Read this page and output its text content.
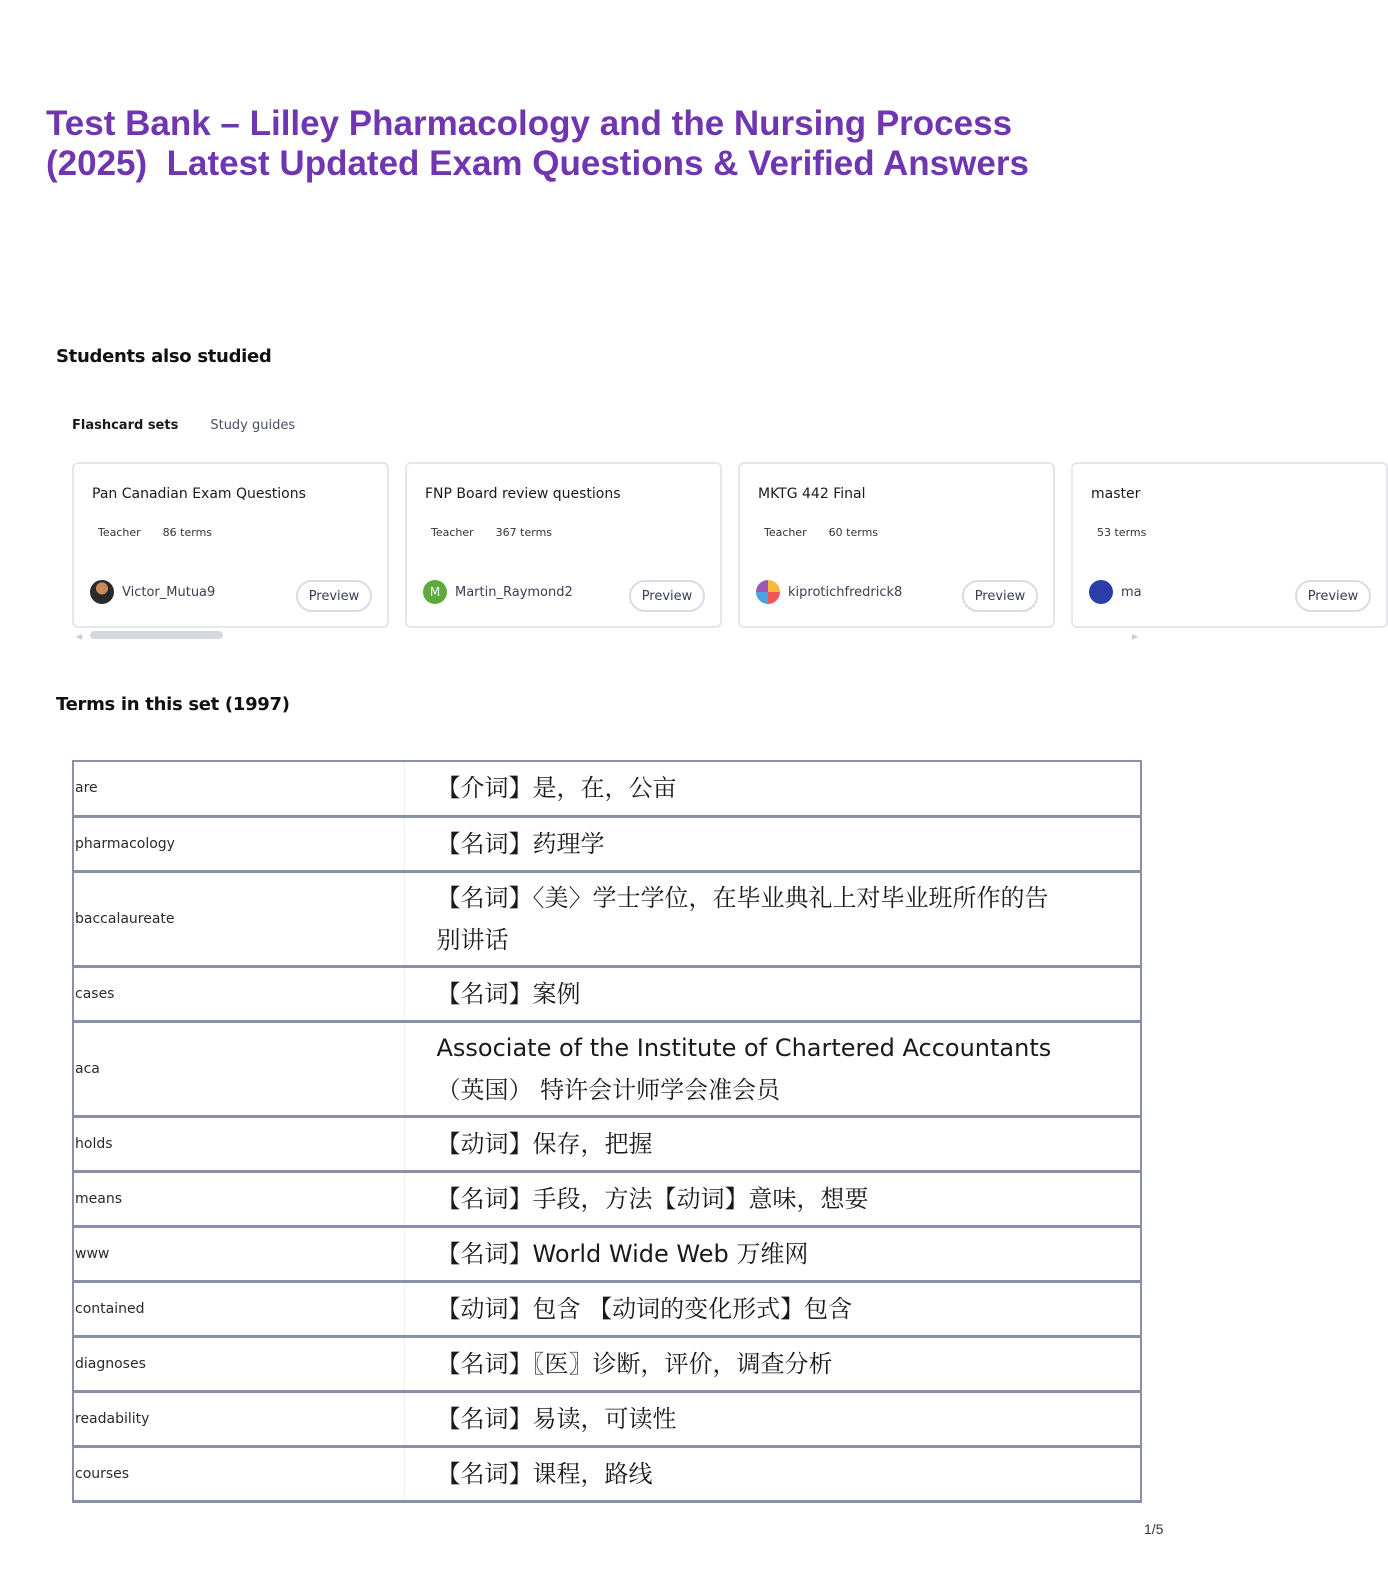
Test Bank – Lilley Pharmacology and the Nursing Process
(2025)  Latest Updated Exam Questions & Verified Answers
Students also studied
Flashcard sets Study guides
Pan Canadian Exam Questions
Teacher 86 terms
Victor_Mutua9	Preview
FNP Board review questions
Teacher 367 terms
M	Martin_Raymond2	Preview
MKTG 442 Final
Teacher 60 terms
kiprotichfredrick8	Preview
master
53 terms
ma	Preview
◀	▶
Terms in this set (1997)
are	【介词】是，在，公亩
pharmacology	【名词】药理学
baccalaureate	【名词】〈美〉学士学位，在毕业典礼上对毕业班所作的告别讲话
cases	【名词】案例
aca	Associate of the Institute of Chartered Accountants （英国） 特许会计师学会准会员
holds	【动词】保存，把握
means	【名词】手段，方法【动词】意味，想要
www	【名词】World Wide Web 万维网
contained	【动词】包含 【动词的变化形式】包含
diagnoses	【名词】〖医〗诊断，评价，调查分析
readability	【名词】易读，可读性
courses	【名词】课程，路线
1/5
